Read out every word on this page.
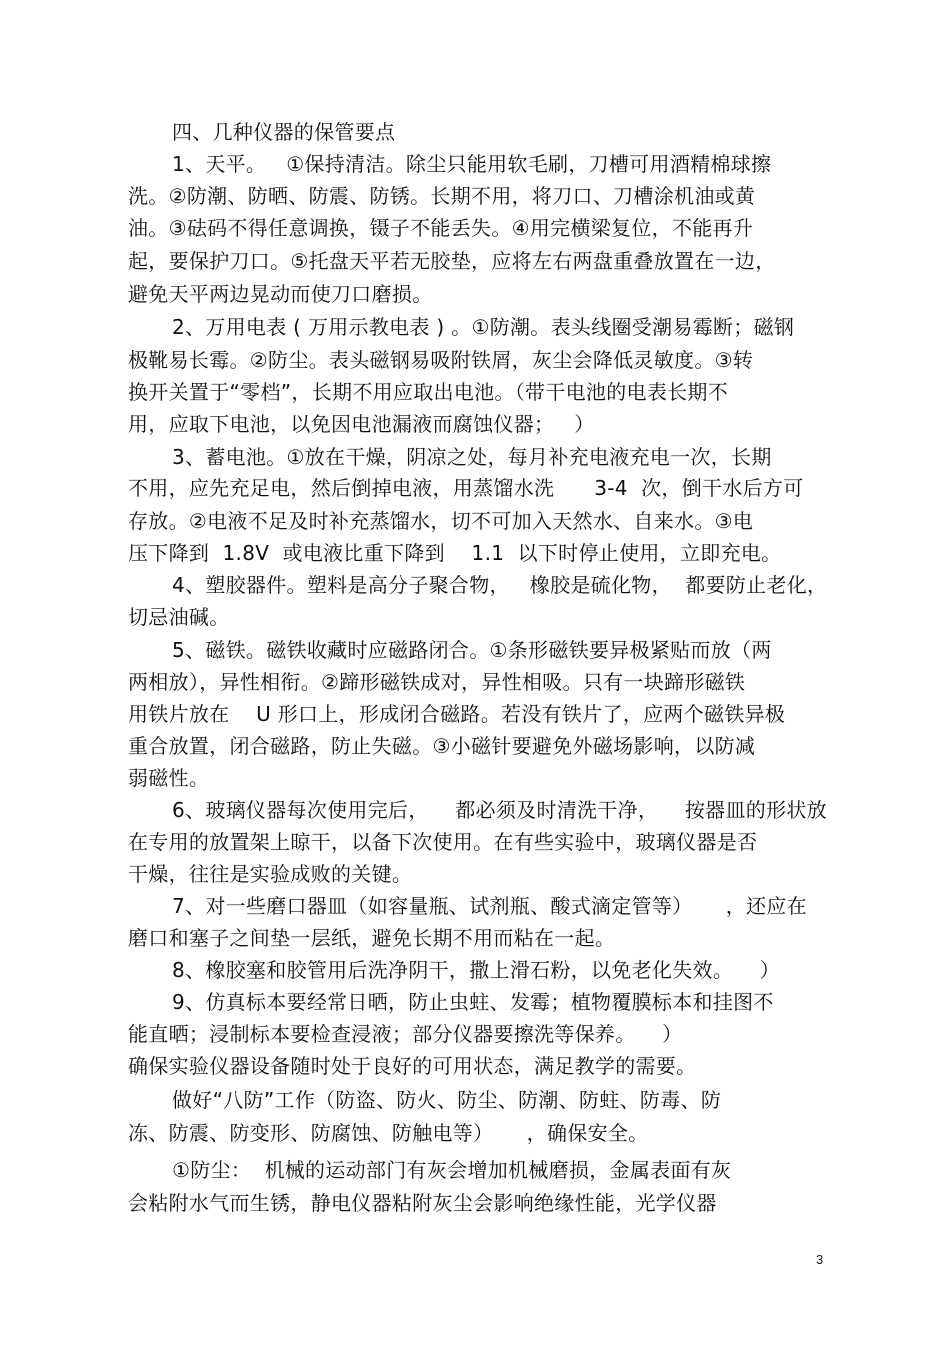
四、几种仪器的保管要点
1、天平。   ①保持清洁。除尘只能用软毛刷，刀槽可用酒精棉球擦
洗。②防潮、防晒、防震、防锈。长期不用，将刀口、刀槽涂机油或黄
油。③砝码不得任意调换，镊子不能丢失。④用完横梁复位，不能再升
起，要保护刀口。⑤托盘天平若无胶垫，应将左右两盘重叠放置在一边，
避免天平两边晃动而使刀口磨损。
2、万用电表 ( 万用示教电表 ) 。①防潮。表头线圈受潮易霉断；磁钢
极靴易长霉。②防尘。表头磁钢易吸附铁屑，灰尘会降低灵敏度。③转
换开关置于“零档”，长期不用应取出电池。（带干电池的电表长期不
用，应取下电池，以免因电池漏液而腐蚀仪器；   ）
3、蓄电池。①放在干燥，阴凉之处，每月补充电液充电一次，长期
不用，应先充足电，然后倒掉电液，用蒸馏水洗      3-4  次，倒干水后方可
存放。②电液不足及时补充蒸馏水，切不可加入天然水、自来水。③电
压下降到  1.8V  或电液比重下降到    1.1  以下时停止使用，立即充电。
4、塑胶器件。塑料是高分子聚合物，   橡胶是硫化物，  都要防止老化，
切忌油碱。
5、磁铁。磁铁收藏时应磁路闭合。①条形磁铁要异极紧贴而放（两
两相放），异性相衔。②蹄形磁铁成对，异性相吸。只有一块蹄形磁铁
用铁片放在    U 形口上，形成闭合磁路。若没有铁片了，应两个磁铁异极
重合放置，闭合磁路，防止失磁。③小磁针要避免外磁场影响，以防减
弱磁性。
6、玻璃仪器每次使用完后，    都必须及时清洗干净，    按器皿的形状放
在专用的放置架上晾干，以备下次使用。在有些实验中，玻璃仪器是否
干燥，往往是实验成败的关键。
7、对一些磨口器皿（如容量瓶、试剂瓶、酸式滴定管等）     ，还应在
磨口和塞子之间垫一层纸，避免长期不用而粘在一起。
8、橡胶塞和胶管用后洗净阴干，撒上滑石粉，以免老化失效。    ）
9、仿真标本要经常日晒，防止虫蛀、发霉；植物覆膜标本和挂图不
能直晒；浸制标本要检查浸液；部分仪器要擦洗等保养。    ）
确保实验仪器设备随时处于良好的可用状态，满足教学的需要。
做好“八防”工作（防盗、防火、防尘、防潮、防蛀、防毒、防
冻、防震、防变形、防腐蚀、防触电等）     ，确保安全。
①防尘：  机械的运动部门有灰会增加机械磨损，金属表面有灰
会粘附水气而生锈，静电仪器粘附灰尘会影响绝缘性能，光学仪器
3
